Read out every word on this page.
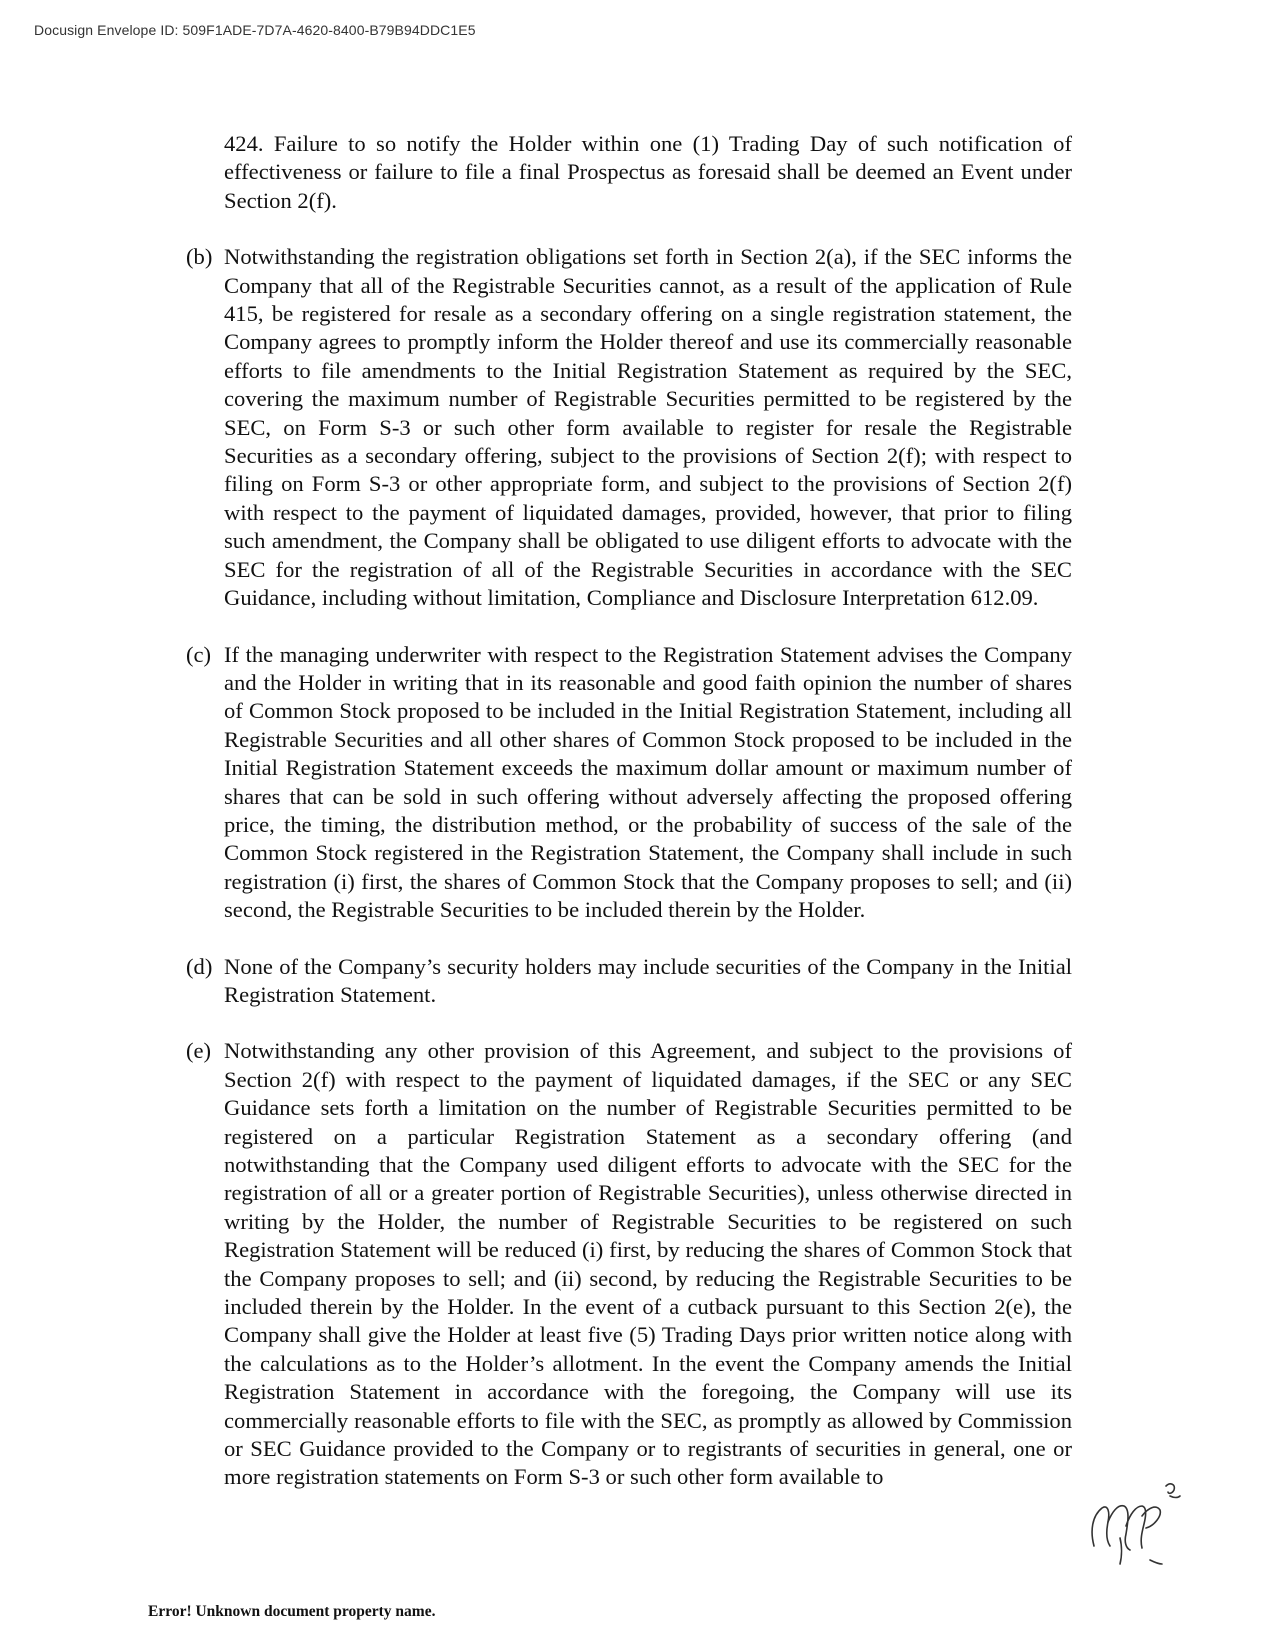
Docusign Envelope ID: 509F1ADE-7D7A-4620-8400-B79B94DDC1E5

424. Failure to so notify the Holder within one (1) Trading Day of such notification of effectiveness or failure to file a final Prospectus as foresaid shall be deemed an Event under Section 2(f).

(b) Notwithstanding the registration obligations set forth in Section 2(a), if the SEC informs the Company that all of the Registrable Securities cannot, as a result of the application of Rule 415, be registered for resale as a secondary offering on a single registration statement, the Company agrees to promptly inform the Holder thereof and use its commercially reasonable efforts to file amendments to the Initial Registration Statement as required by the SEC, covering the maximum number of Registrable Securities permitted to be registered by the SEC, on Form S-3 or such other form available to register for resale the Registrable Securities as a secondary offering, subject to the provisions of Section 2(f); with respect to filing on Form S-3 or other appropriate form, and subject to the provisions of Section 2(f) with respect to the payment of liquidated damages, provided, however, that prior to filing such amendment, the Company shall be obligated to use diligent efforts to advocate with the SEC for the registration of all of the Registrable Securities in accordance with the SEC Guidance, including without limitation, Compliance and Disclosure Interpretation 612.09.
(c) If the managing underwriter with respect to the Registration Statement advises the Company and the Holder in writing that in its reasonable and good faith opinion the number of shares of Common Stock proposed to be included in the Initial Registration Statement, including all Registrable Securities and all other shares of Common Stock proposed to be included in the Initial Registration Statement exceeds the maximum dollar amount or maximum number of shares that can be sold in such offering without adversely affecting the proposed offering price, the timing, the distribution method, or the probability of success of the sale of the Common Stock registered in the Registration Statement, the Company shall include in such registration (i) first, the shares of Common Stock that the Company proposes to sell; and (ii) second, the Registrable Securities to be included therein by the Holder.
(d) None of the Company’s security holders may include securities of the Company in the Initial Registration Statement.
(e) Notwithstanding any other provision of this Agreement, and subject to the provisions of Section 2(f) with respect to the payment of liquidated damages, if the SEC or any SEC Guidance sets forth a limitation on the number of Registrable Securities permitted to be registered on a particular Registration Statement as a secondary offering (and notwithstanding that the Company used diligent efforts to advocate with the SEC for the registration of all or a greater portion of Registrable Securities), unless otherwise directed in writing by the Holder, the number of Registrable Securities to be registered on such Registration Statement will be reduced (i) first, by reducing the shares of Common Stock that the Company proposes to sell; and (ii) second, by reducing the Registrable Securities to be included therein by the Holder. In the event of a cutback pursuant to this Section 2(e), the Company shall give the Holder at least five (5) Trading Days prior written notice along with the calculations as to the Holder’s allotment. In the event the Company amends the Initial Registration Statement in accordance with the foregoing, the Company will use its commercially reasonable efforts to file with the SEC, as promptly as allowed by Commission or SEC Guidance provided to the Company or to registrants of securities in general, one or more registration statements on Form S-3 or such other form available to
Error! Unknown document property name.
